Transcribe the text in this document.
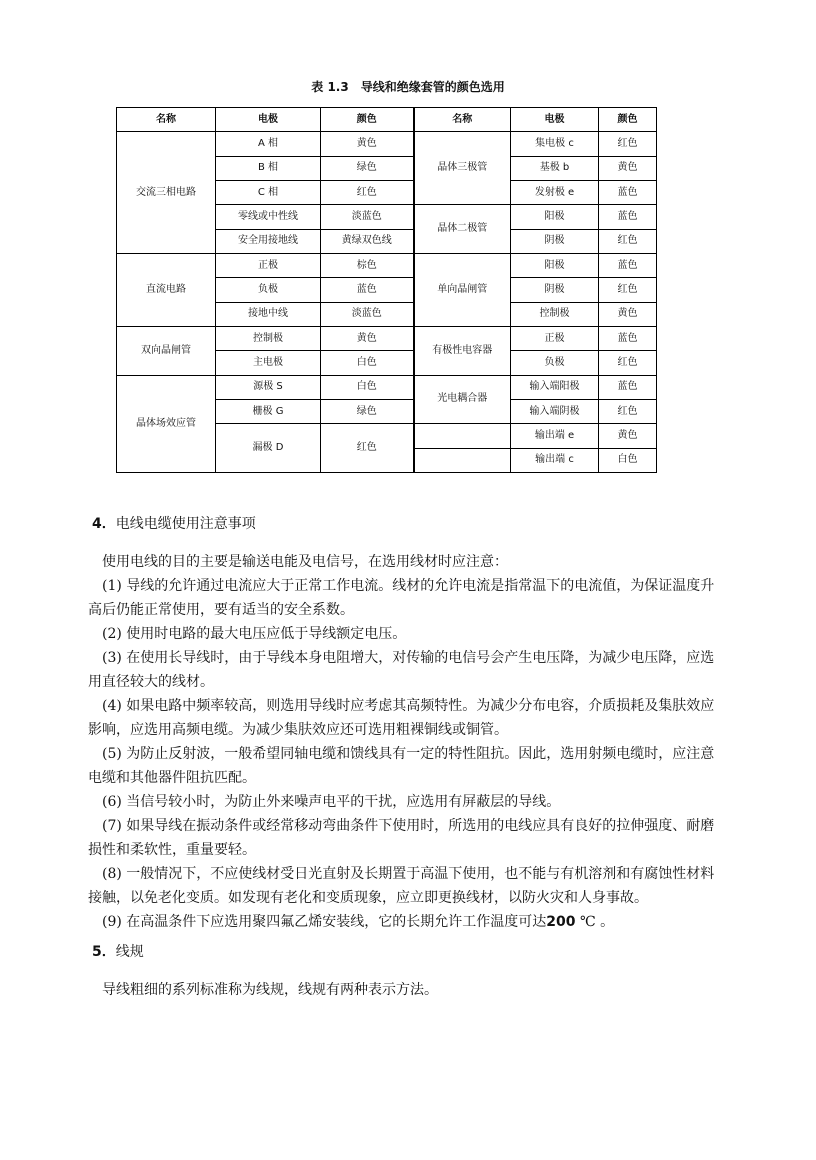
表 1.3　导线和绝缘套管的颜色选用
名称	电极	颜色	名称	电极	颜色
交流三相电路	A 相	黄色	晶体三极管	集电极 c	红色
	B 相	绿色		基极 b	黄色
	C 相	红色		发射极 e	蓝色
	零线或中性线	淡蓝色	晶体二极管	阳极	蓝色
	安全用接地线	黄绿双色线		阴极	红色
直流电路	正极	棕色	单向晶闸管	阳极	蓝色
	负极	蓝色		阴极	红色
	接地中线	淡蓝色		控制极	黄色
双向晶闸管	控制极	黄色	有极性电容器	正极	蓝色
	主电极	白色		负极	红色
晶体场效应管	源极 S	白色	光电耦合器	输入端阳极	蓝色
	栅极 G	绿色		输入端阴极	红色
	漏极 D	红色		输出端 e	黄色
				输出端 c	白色

4．电线电缆使用注意事项

使用电线的目的主要是输送电能及电信号，在选用线材时应注意：

(1) 导线的允许通过电流应大于正常工作电流。线材的允许电流是指常温下的电流值，为保证温度升高后仍能正常使用，要有适当的安全系数。

(2) 使用时电路的最大电压应低于导线额定电压。

(3) 在使用长导线时，由于导线本身电阻增大，对传输的电信号会产生电压降，为减少电压降，应选用直径较大的线材。

(4) 如果电路中频率较高，则选用导线时应考虑其高频特性。为减少分布电容，介质损耗及集肤效应影响，应选用高频电缆。为减少集肤效应还可选用粗裸铜线或铜管。

(5) 为防止反射波，一般希望同轴电缆和馈线具有一定的特性阻抗。因此，选用射频电缆时，应注意电缆和其他器件阻抗匹配。

(6) 当信号较小时，为防止外来噪声电平的干扰，应选用有屏蔽层的导线。

(7) 如果导线在振动条件或经常移动弯曲条件下使用时，所选用的电线应具有良好的拉伸强度、耐磨损性和柔软性，重量要轻。

(8) 一般情况下，不应使线材受日光直射及长期置于高温下使用，也不能与有机溶剂和有腐蚀性材料接触，以免老化变质。如发现有老化和变质现象，应立即更换线材，以防火灾和人身事故。

(9) 在高温条件下应选用聚四氟乙烯安装线，它的长期允许工作温度可达200 ℃ 。

5．线规

导线粗细的系列标准称为线规，线规有两种表示方法。
